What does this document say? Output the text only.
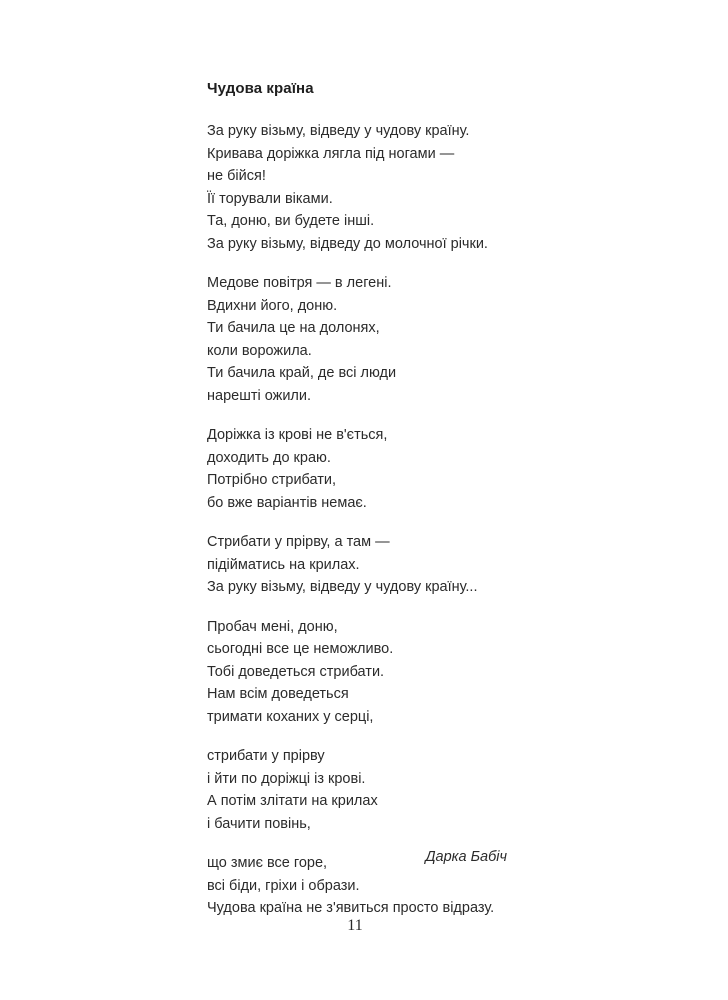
Чудова країна
За руку візьму, відведу у чудову країну.
Кривава доріжка лягла під ногами —
не бійся!
Її торували віками.
Та, доню, ви будете інші.
За руку візьму, відведу до молочної річки.
Медове повітря — в легені.
Вдихни його, доню.
Ти бачила це на долонях,
коли ворожила.
Ти бачила край, де всі люди
нарешті ожили.
Доріжка із крові не в'ється,
доходить до краю.
Потрібно стрибати,
бо вже варіантів немає.
Стрибати у прірву, а там —
підійматись на крилах.
За руку візьму, відведу у чудову країну...
Пробач мені, доню,
сьогодні все це неможливо.
Тобі доведеться стрибати.
Нам всім доведеться
тримати коханих у серці,
стрибати у прірву
і йти по доріжці із крові.
А потім злітати на крилах
і бачити повінь,
що змиє все горе,
всі біди, гріхи і образи.
Чудова країна не з'явиться просто відразу.
Дарка Бабіч
11
